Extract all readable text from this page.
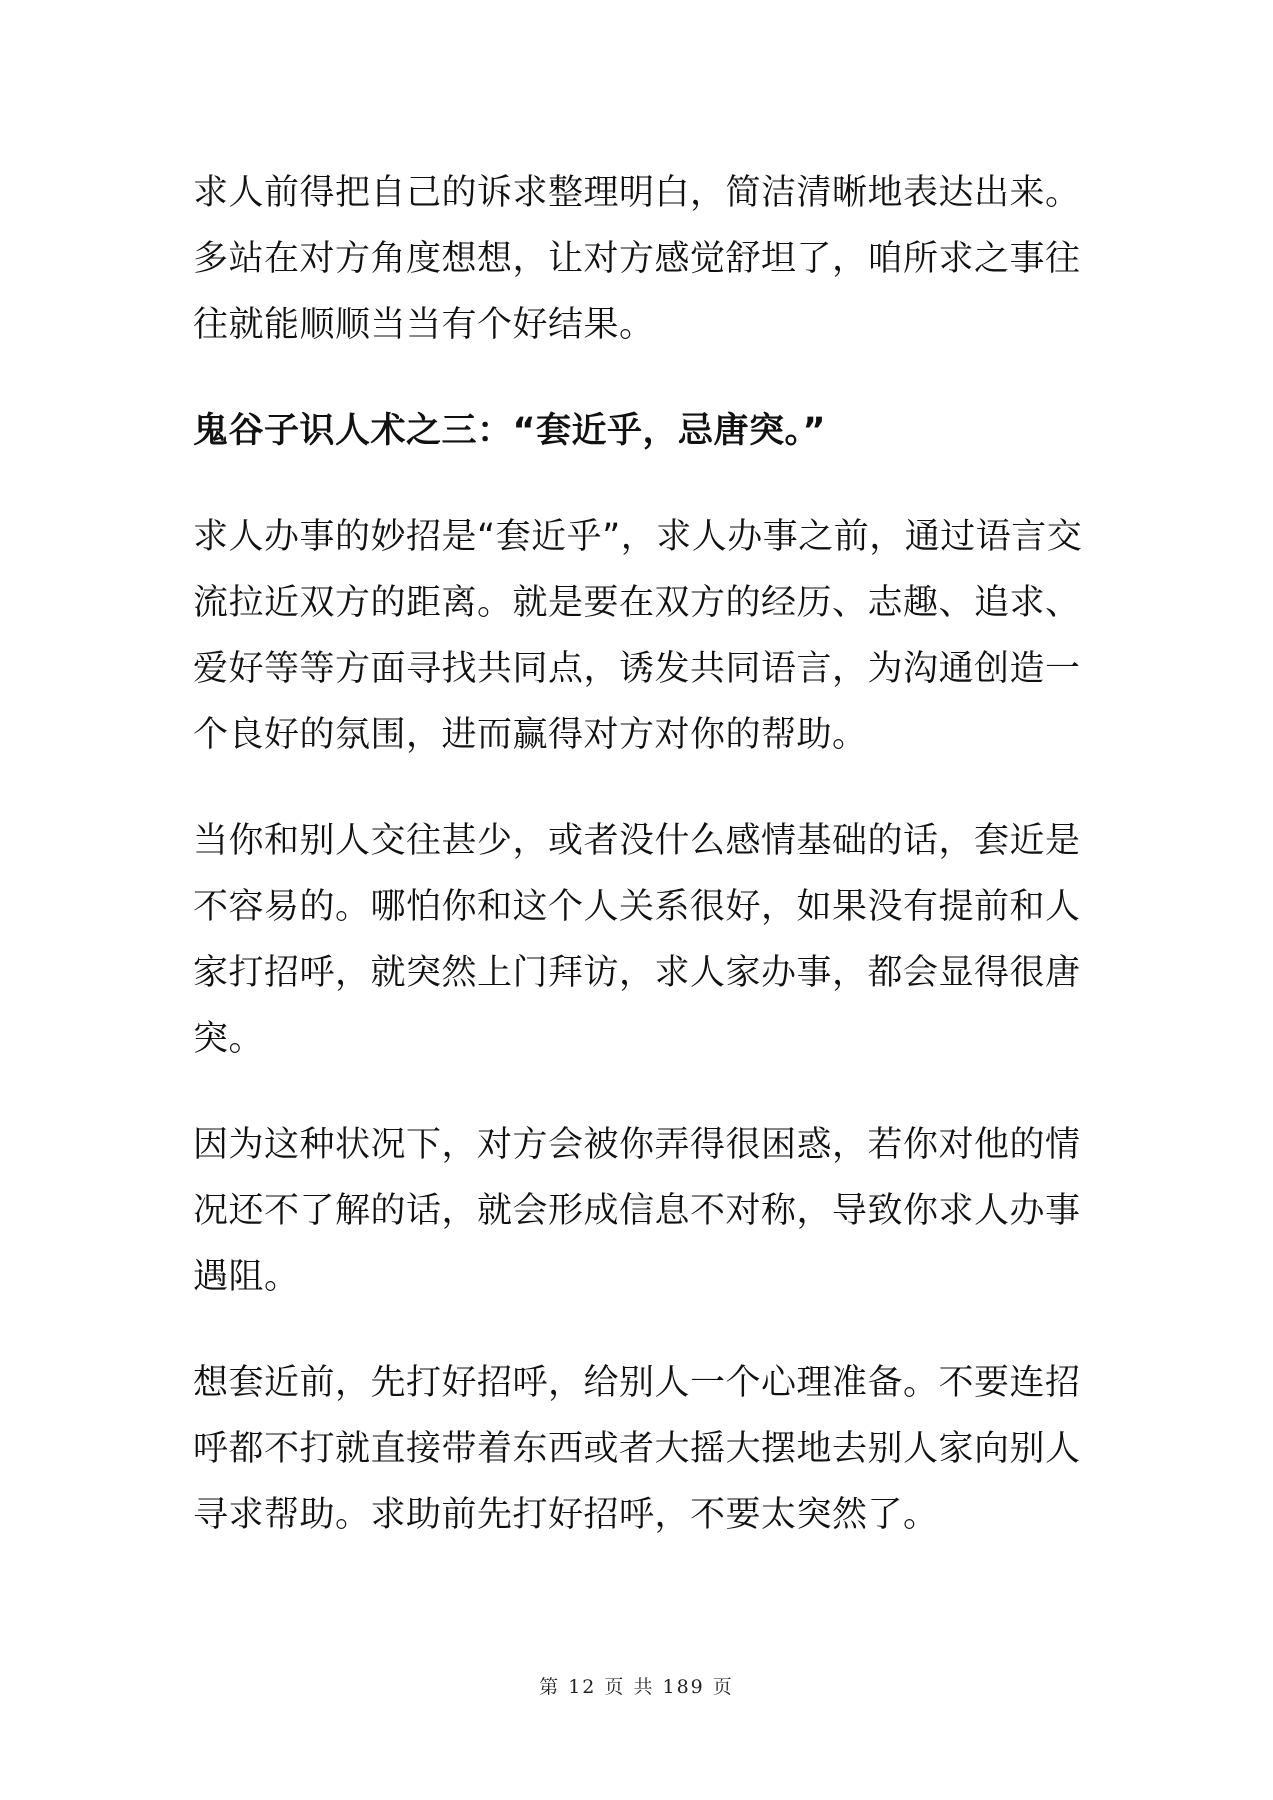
求人前得把自己的诉求整理明白，简洁清晰地表达出来。多站在对方角度想想，让对方感觉舒坦了，咱所求之事往往就能顺顺当当有个好结果。

鬼谷子识人术之三：“套近乎，忌唐突。”

求人办事的妙招是“套近乎”，求人办事之前，通过语言交流拉近双方的距离。就是要在双方的经历、志趣、追求、爱好等等方面寻找共同点，诱发共同语言，为沟通创造一个良好的氛围，进而赢得对方对你的帮助。

当你和别人交往甚少，或者没什么感情基础的话，套近是不容易的。哪怕你和这个人关系很好，如果没有提前和人家打招呼，就突然上门拜访，求人家办事，都会显得很唐突。

因为这种状况下，对方会被你弄得很困惑，若你对他的情况还不了解的话，就会形成信息不对称，导致你求人办事遇阻。

想套近前，先打好招呼，给别人一个心理准备。不要连招呼都不打就直接带着东西或者大摇大摆地去别人家向别人寻求帮助。求助前先打好招呼，不要太突然了。

第 12 页 共 189 页
